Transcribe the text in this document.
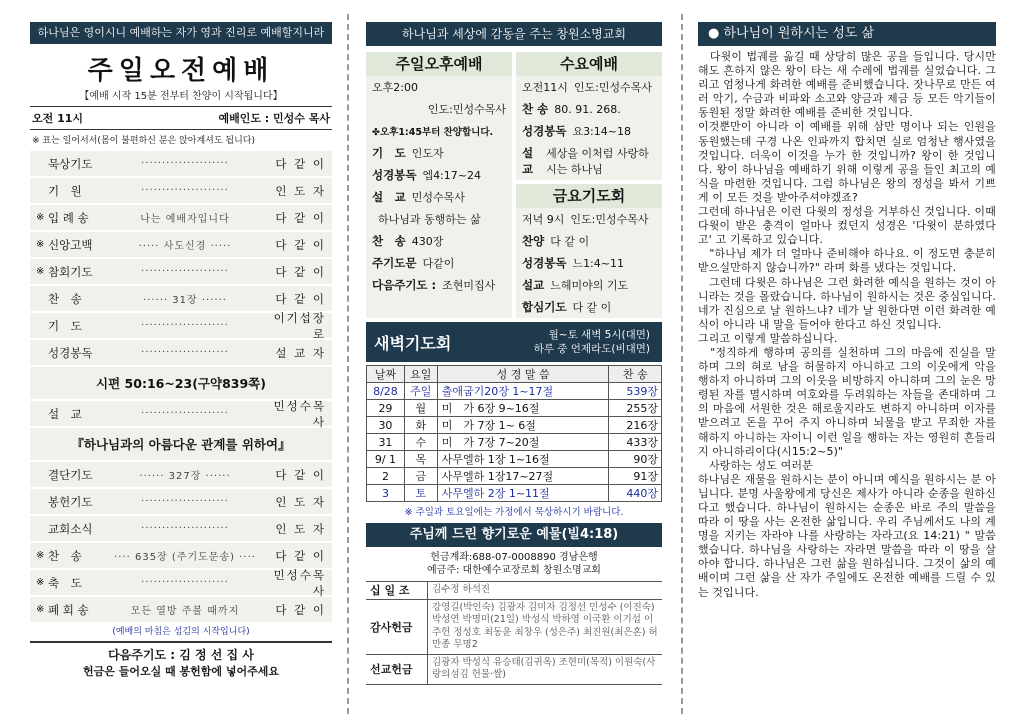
하나님은 영이시니 예배하는 자가 영과 진리로 예배할지니라
주일오전예배
【예배 시작 15분 전부터 찬양이 시작됩니다】
오전 11시	예배인도 : 민성수 목사
※ 표는 일어서서(몸이 불편하신 분은 앉아계셔도 됩니다)
묵상기도	·····················	다 같 이
기　원	·····················	인 도 자
※ 입 례 송	나는 예배자입니다	다 같 이
※ 신앙고백	····· 사도신경 ·····	다 같 이
※ 참회기도	·····················	다 같 이
찬　송	······ 31장 ······	다 같 이
기　도	·····················
이기섭장로
성경봉독	·····················	설 교 자
시편 50:16~23(구약839쪽)
설　교	·····················
민성수목사
『하나님과의 아름다운 관계를 위하여』
결단기도	······ 327장 ······	다 같 이
봉헌기도	·····················	인 도 자
교회소식	·····················	인 도 자
※ 찬　송	···· 635장 (주기도문송) ····	다 같 이
※ 축　도	·····················
민성수목사
※ 폐 회 송	모든 열방 주볼 때까지	다 같 이
(예배의 마침은 섬김의 시작입니다)
다음주기도 : 김 정 선 집 사
헌금은 들어오실 때 봉헌함에 넣어주세요
하나님과 세상에 감동을 주는 창원소명교회
주일오후예배
오후2:00
인도:민성수목사
✤오후1:45부터 찬양합니다.
기　도 인도자
성경봉독 엡4:17~24
설　교 민성수목사
하나님과 동행하는 삶
찬　송 430장
주기도문 다같이
다음주기도 : 조현미집사
수요예배
오전11시 인도:민성수목사
찬 송 80. 91. 268.
성경봉독 요3:14~18
설 교
세상을 이처럼 사랑하시는 하나님
금요기도회
저녁 9시 인도:민성수목사
찬양 다 같 이
성경봉독 느1:4~11
설교 느헤미야의 기도
합심기도 다 같 이
새벽기도회	월~토 새벽 5시(대면)
하루 중 언제라도(비대면)
날짜	요일	성 경 말 씀	찬 송
8/28	주일	출애굽기20장 1~17절	539장
29	월	미　가 6장 9~16절	255장
30	화	미　가 7장 1~ 6절	216장
31	수	미　가 7장 7~20절	433장
9/ 1	목	사무엘하 1장 1~16절	90장
2	금	사무엘하 1장17~27절	91장
3	토	사무엘하 2장 1~11절	440장
※ 주일과 토요일에는 가정에서 묵상하시기 바랍니다.
주님께 드린 향기로운 예물(빌4:18)
헌금계좌:688-07-0008890 경남은행
예금주: 대한예수교장로회 창원소명교회
십 일 조	김수정 하석진
감사헌금
강영길(박인숙) 김광자 김미자 김정선 민성수 (이진숙) 박성연 박명미(21일) 박성식 박하영 이국환 이기섭 이주헌 정성호 최동윤 최창우 (성은주) 최진원(최은혼) 허만종 무명2
선교헌금
김광자 박성식 유승태(김귀옥) 조현미(목적) 이원숙(사랑의섬김 헌물·쌀)
● 하나님이 원하시는 성도 삶

　다윗이 법궤를 옮길 때 상당히 많은 공을 들입니다. 당시만 해도 흔하지 않은 왕이 타는 새 수레에 법궤를 실었습니다. 그리고 엄청나게 화려한 예배를 준비했습니다. 잣나무로 만든 여러 악기, 수금과 비파와 소고와 양금과 제금 등 모든 악기들이 동원된 정말 화려한 예배를 준비한 것입니다.

이것뿐만이 아니라 이 예배를 위해 삼만 명이나 되는 인원을 동원했는데 구경 나온 인파까지 합치면 실로 엄청난 행사였을 것입니다. 더욱이 이것을 누가 한 것입니까? 왕이 한 것입니다. 왕이 하나님을 예배하기 위해 이렇게 공을 들인 최고의 예식을 마련한 것입니다. 그럼 하나님은 왕의 정성을 봐서 기쁘게 이 모든 것을 받아주셔야겠죠?

그런데 하나님은 이런 다윗의 정성을 거부하신 것입니다. 이때 다윗이 받은 충격이 얼마나 컸던지 성경은 '다윗이 분하였다고' 고 기록하고 있습니다.

　"하나님 제가 더 얼마나 준비해야 하나요. 이 정도면 충분히 받으실만하지 않습니까?" 라며 화를 냈다는 것입니다.

　그런데 다윗은 하나님은 그런 화려한 예식을 원하는 것이 아니라는 것을 몰랐습니다. 하나님이 원하시는 것은 중심입니다. 네가 진심으로 날 원하느냐? 네가 날 원한다면 이런 화려한 예식이 아니라 내 말을 들어야 한다고 하신 것입니다.

그리고 이렇게 말씀하십니다.

　"정직하게 행하며 공의를 실천하며 그의 마음에 진실을 말하며 그의 혀로 남을 허물하지 아니하고 그의 이웃에게 악을 행하지 아니하며 그의 이웃을 비방하지 아니하며 그의 눈은 망령된 자를 멸시하며 여호와를 두려워하는 자들을 존대하며 그의 마음에 서원한 것은 해로울지라도 변하지 아니하며 이자를 받으려고 돈을 꾸어 주지 아니하며 뇌물을 받고 무죄한 자를 해하지 아니하는 자이니 이런 일을 행하는 자는 영원히 흔들리지 아니하리이다(시15:2~5)"

　사랑하는 성도 여러분

하나님은 재물을 원하시는 분이 아니며 예식을 원하시는 분 아닙니다. 분명 사울왕에게 당신은 제사가 아니라 순종을 원하신다고 했습니다. 하나님이 원하시는 순종은 바로 주의 말씀을 따라 이 땅을 사는 온전한 삶입니다. 우리 주님께서도 나의 계명을 지키는 자라야 나를 사랑하는 자라고(요 14:21) " 말씀했습니다. 하나님을 사랑하는 자라면 말씀을 따라 이 땅을 살아야 합니다. 하나님은 그런 삶을 원하십니다. 그것이 삶의 예배이며 그런 삶을 산 자가 주일에도 온전한 예배를 드릴 수 있는 것입니다.
